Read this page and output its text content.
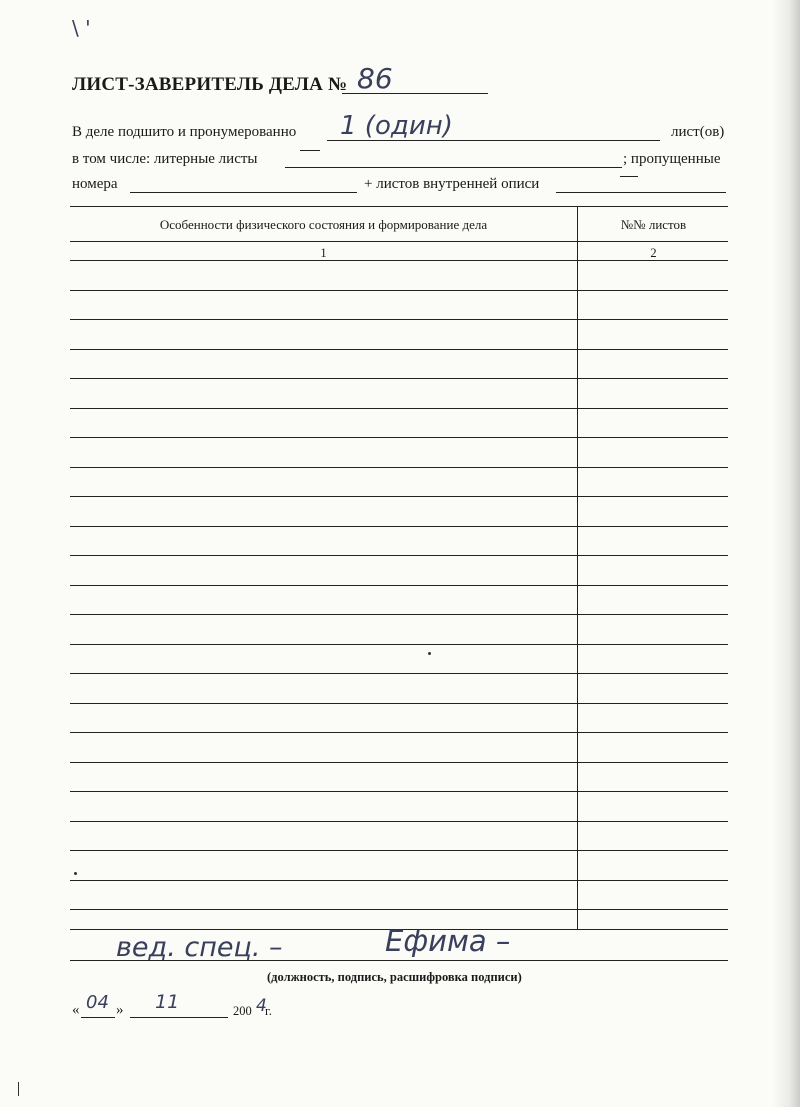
\ '
ЛИСТ-ЗАВЕРИТЕЛЬ ДЕЛА № 86
В деле подшито и пронумерованно 1 (один)	лист(ов)
в том числе: литерные листы	; пропущенные
номера	+ листов внутренней описи
Особенности физического состояния и формирование дела	№№ листов
1	2
вед. спец. –	Ефима –
(должность, подпись, расшифровка подписи)
« 04 » 11	200 4
г.
